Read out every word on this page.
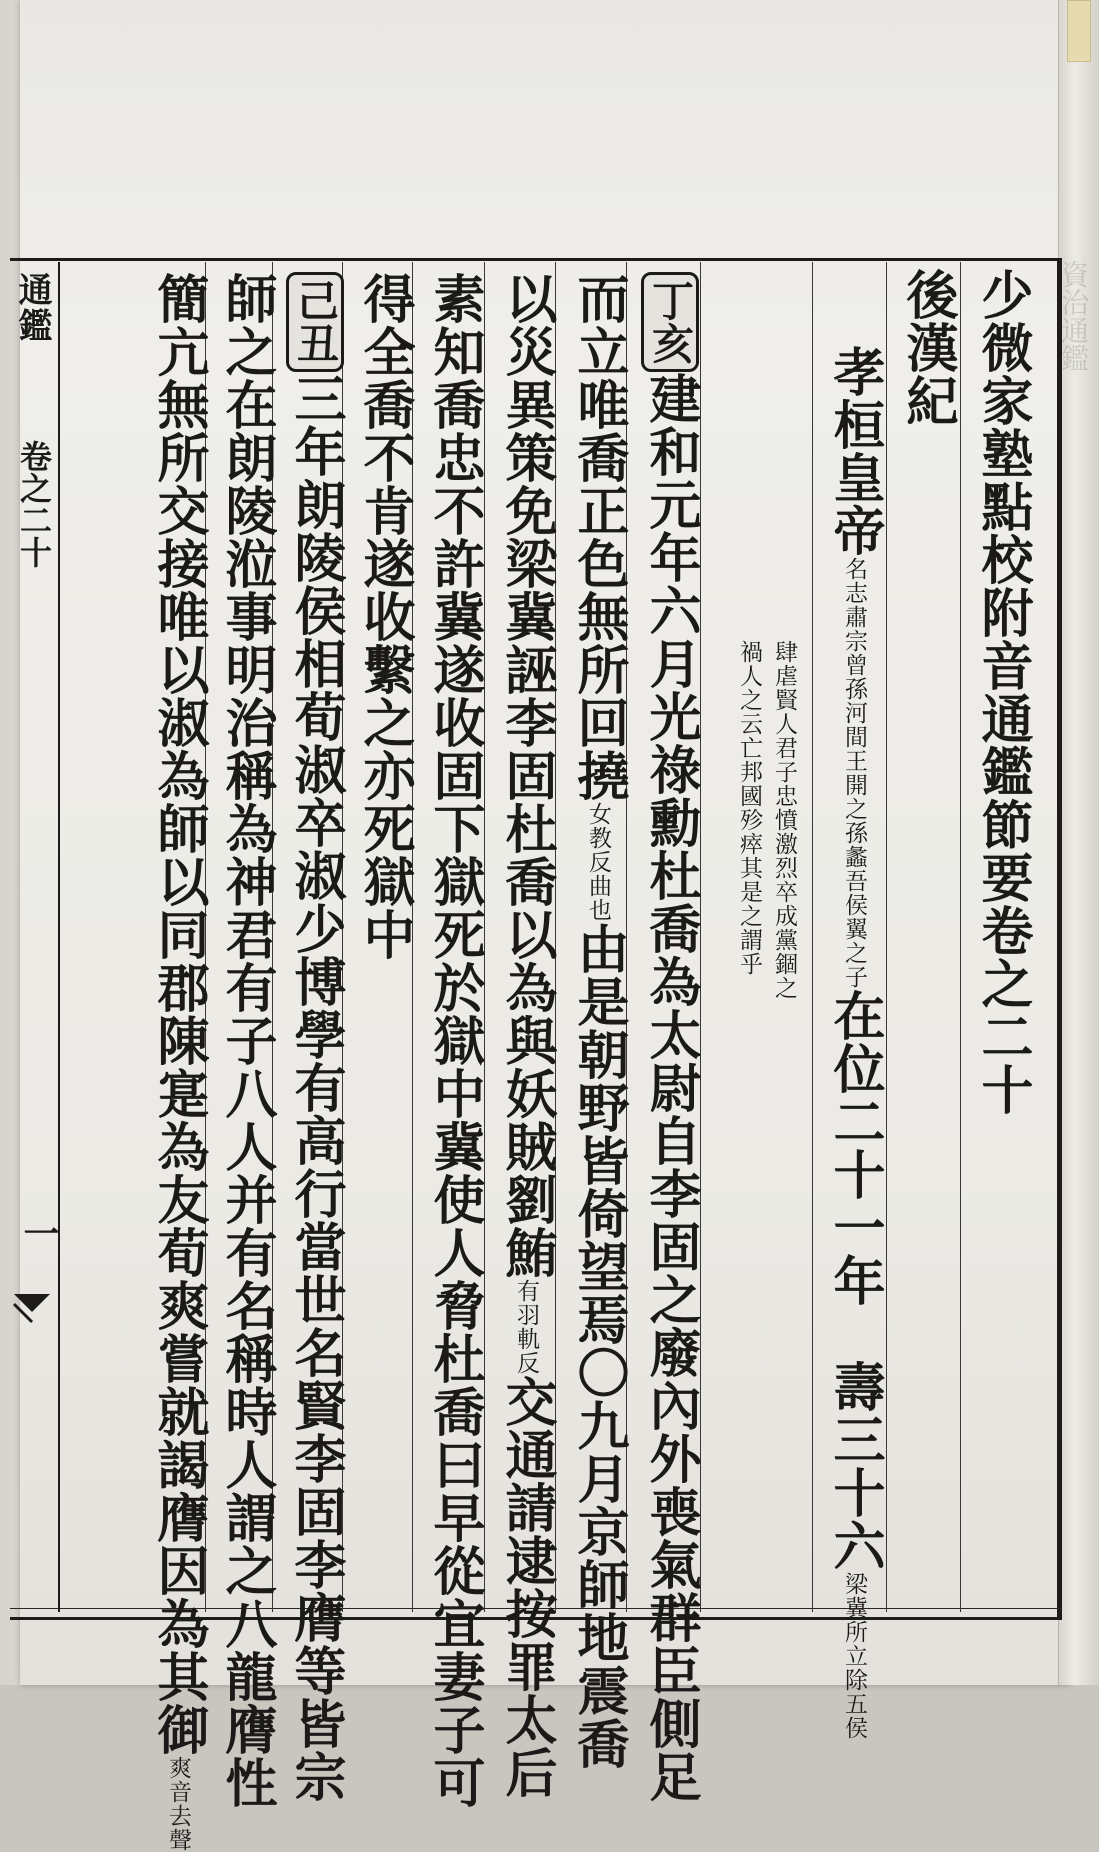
資治通鑑
通鑑
卷之二十
一
少微家塾點校附音通鑑節要卷之二十
後漢紀
孝桓皇帝名志肅宗曾孫河間王開之孫蠡吾侯翼之子在位二十一年　壽三十六梁冀所立除五侯
肆虐賢人君子忠憤激烈卒成黨錮之
禍人之云亡邦國殄瘁其是之謂乎
丁亥建和元年六月光祿勳杜喬為太尉自李固之廢內外喪氣群臣側足
而立唯喬正色無所回撓女教反曲也由是朝野皆倚望焉〇九月京師地震喬
以災異策免梁冀誣李固杜喬以為與妖賊劉鮪有羽軌反交通請逮按罪太后
素知喬忠不許冀遂收固下獄死於獄中冀使人脅杜喬曰早從宜妻子可
得全喬不肯遂收繫之亦死獄中
己丑三年朗陵侯相荀淑卒淑少博學有高行當世名賢李固李膺等皆宗
師之在朗陵涖事明治稱為神君有子八人并有名稱時人謂之八龍膺性
簡亢無所交接唯以淑為師以同郡陳寔為友荀爽嘗就謁膺因為其御爽音去聲
